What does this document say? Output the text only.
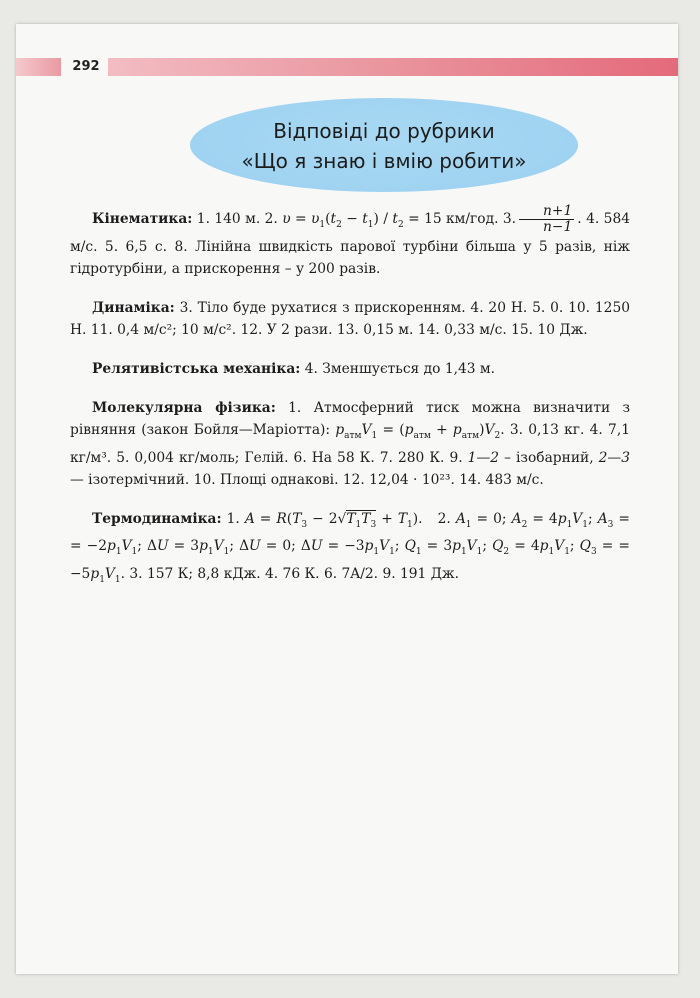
292
Відповіді до рубрики
«Що я знаю і вмію робити»

Кінематика: 1. 140 м. 2. $\upsilon = \upsilon_1(t_2 - t_1) / t_2 = 15$ км/год. 3. $\frac{n+1}{n-1}$ . 4. 584 м/с. 5. 6,5 с. 8. Лінійна швидкість парової турбіни більша у 5 разів, ніж гідротурбіни, а прискорення – у 200 разів.

Динаміка: 3. Тіло буде рухатися з прискоренням. 4. 20 Н. 5. 0. 10. 1250 Н. 11. 0,4 м/с²; 10 м/с². 12. У 2 рази. 13. 0,15 м. 14. 0,33 м/с. 15. 10 Дж.

Релятивістська механіка: 4. Зменшується до 1,43 м.

Молекулярна фізика: 1. Атмосферний тиск можна визначити з рівняння (закон Бойля—Маріотта): $p_{атм}V_1 = (p_{атм} + p_{атм})V_2$. 3. 0,13 кг. 4. 7,1 кг/м³. 5. 0,004 кг/моль; Гелій. 6. На 58 К. 7. 280 К. 9. 1—2 – ізобарний, 2—3 — ізотермічний. 10. Площі однакові. 12. 12,04 · 10²³. 14. 483 м/с.

Термодинаміка: 1. $A = R(T_3 - 2√T_1T_3 + T_1)$.   2. $A_1 = 0$; $A_2 = 4p_1V_1$; $A_3$ = = $-2p_1V_1$; $\Delta U = 3p_1V_1$; ΔU = 0; $\Delta U = -3p_1V_1$; $Q_1 = 3p_1V_1$; $Q_2 = 4p_1V_1$; $Q_3$ = = $-5p_1V_1$. 3. 157 К; 8,8 кДж. 4. 76 К. 6. 7A/2. 9. 191 Дж.
